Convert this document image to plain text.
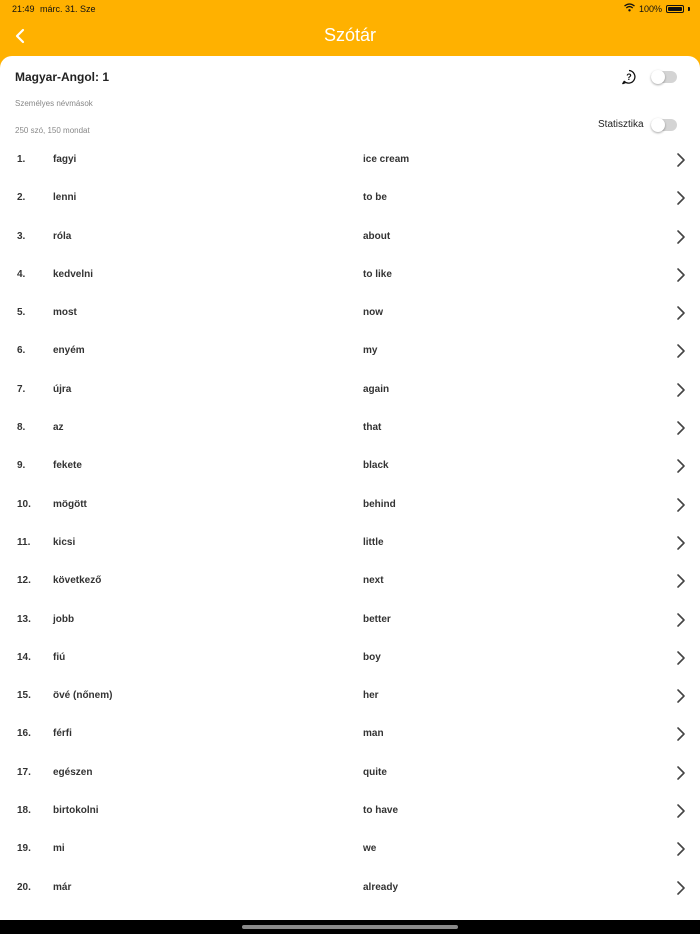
21:49 márc. 31. Sze	100%
Szótár
Magyar-Angol: 1	?
Személyes névmások
250 szó, 150 mondat
Statisztika
1.	fagyi	ice cream
2.	lenni	to be
3.	róla	about
4.	kedvelni	to like
5.	most	now
6.	enyém	my
7.	újra	again
8.	az	that
9.	fekete	black
10. mögött	behind
11. kicsi	little
12. következő	next
13. jobb	better
14. fiú	boy
15. övé (nőnem)	her
16. férfi	man
17. egészen	quite
18. birtokolni	to have
19. mi	we
20. már	already
